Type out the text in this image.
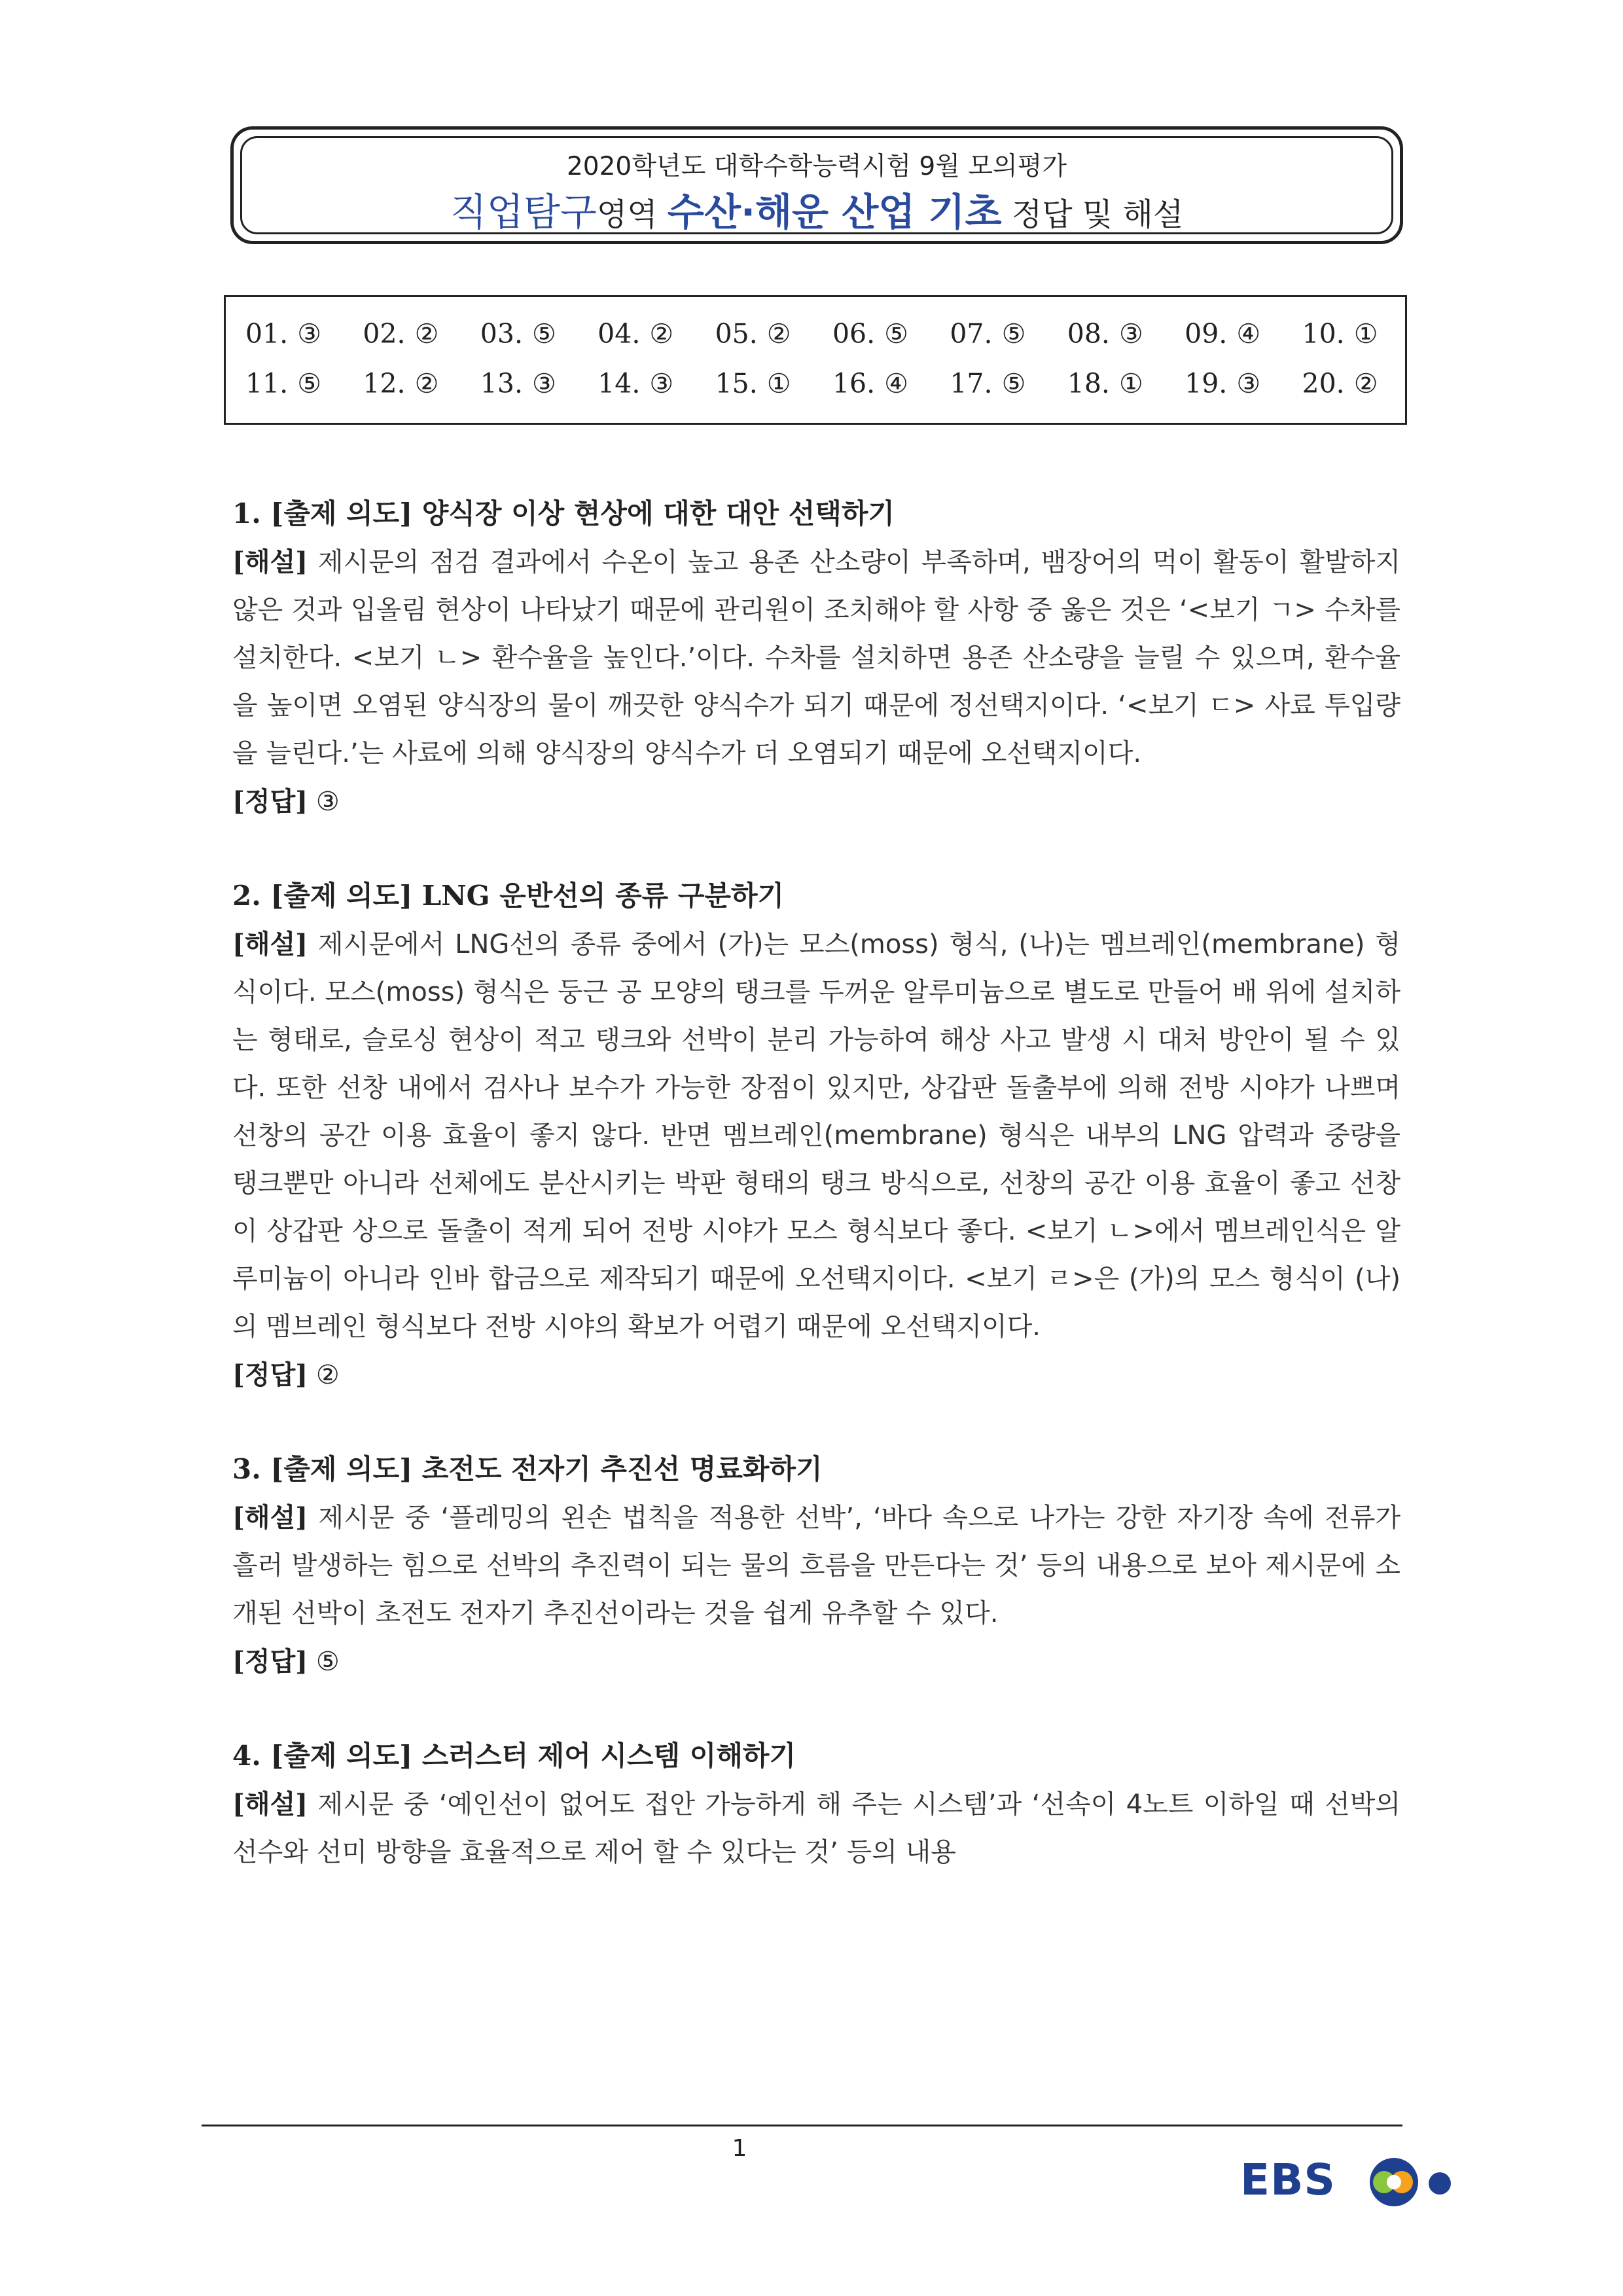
2020학년도 대학수학능력시험 9월 모의평가
직업탐구영역 수산·해운 산업 기초 정답 및 해설
01. ③	02. ②	03. ⑤	04. ②	05. ②	06. ⑤	07. ⑤	08. ③	09. ④	10. ①
11. ⑤	12. ②	13. ③	14. ③	15. ①	16. ④	17. ⑤	18. ①	19. ③	20. ②
1. [출제 의도] 양식장 이상 현상에 대한 대안 선택하기
[해설] 제시문의 점검 결과에서 수온이 높고 용존 산소량이 부족하며, 뱀장어의 먹이 활동이 활발하지 않은 것과 입올림 현상이 나타났기 때문에 관리원이 조치해야 할 사항 중 옳은 것은 ‘<보기 ㄱ> 수차를 설치한다. <보기 ㄴ> 환수율을 높인다.’이다. 수차를 설치하면 용존 산소량을 늘릴 수 있으며, 환수율을 높이면 오염된 양식장의 물이 깨끗한 양식수가 되기 때문에 정선택지이다. ‘<보기 ㄷ> 사료 투입량을 늘린다.’는 사료에 의해 양식장의 양식수가 더 오염되기 때문에 오선택지이다.
[정답] ③
2. [출제 의도] LNG 운반선의 종류 구분하기
[해설] 제시문에서 LNG선의 종류 중에서 (가)는 모스(moss) 형식, (나)는 멤브레인(membrane) 형식이다. 모스(moss) 형식은 둥근 공 모양의 탱크를 두꺼운 알루미늄으로 별도로 만들어 배 위에 설치하는 형태로, 슬로싱 현상이 적고 탱크와 선박이 분리 가능하여 해상 사고 발생 시 대처 방안이 될 수 있다. 또한 선창 내에서 검사나 보수가 가능한 장점이 있지만, 상갑판 돌출부에 의해 전방 시야가 나쁘며 선창의 공간 이용 효율이 좋지 않다. 반면 멤브레인(membrane) 형식은 내부의 LNG 압력과 중량을 탱크뿐만 아니라 선체에도 분산시키는 박판 형태의 탱크 방식으로, 선창의 공간 이용 효율이 좋고 선창이 상갑판 상으로 돌출이 적게 되어 전방 시야가 모스 형식보다 좋다. <보기 ㄴ>에서 멤브레인식은 알루미늄이 아니라 인바 합금으로 제작되기 때문에 오선택지이다. <보기 ㄹ>은 (가)의 모스 형식이 (나)의 멤브레인 형식보다 전방 시야의 확보가 어렵기 때문에 오선택지이다.
[정답] ②
3. [출제 의도] 초전도 전자기 추진선 명료화하기
[해설] 제시문 중 ‘플레밍의 왼손 법칙을 적용한 선박’, ‘바다 속으로 나가는 강한 자기장 속에 전류가 흘러 발생하는 힘으로 선박의 추진력이 되는 물의 흐름을 만든다는 것’ 등의 내용으로 보아 제시문에 소개된 선박이 초전도 전자기 추진선이라는 것을 쉽게 유추할 수 있다.
[정답] ⑤
4. [출제 의도] 스러스터 제어 시스템 이해하기
[해설] 제시문 중 ‘예인선이 없어도 접안 가능하게 해 주는 시스템’과 ‘선속이 4노트 이하일 때 선박의 선수와 선미 방향을 효율적으로 제어 할 수 있다는 것’ 등의 내용
1
EBS
